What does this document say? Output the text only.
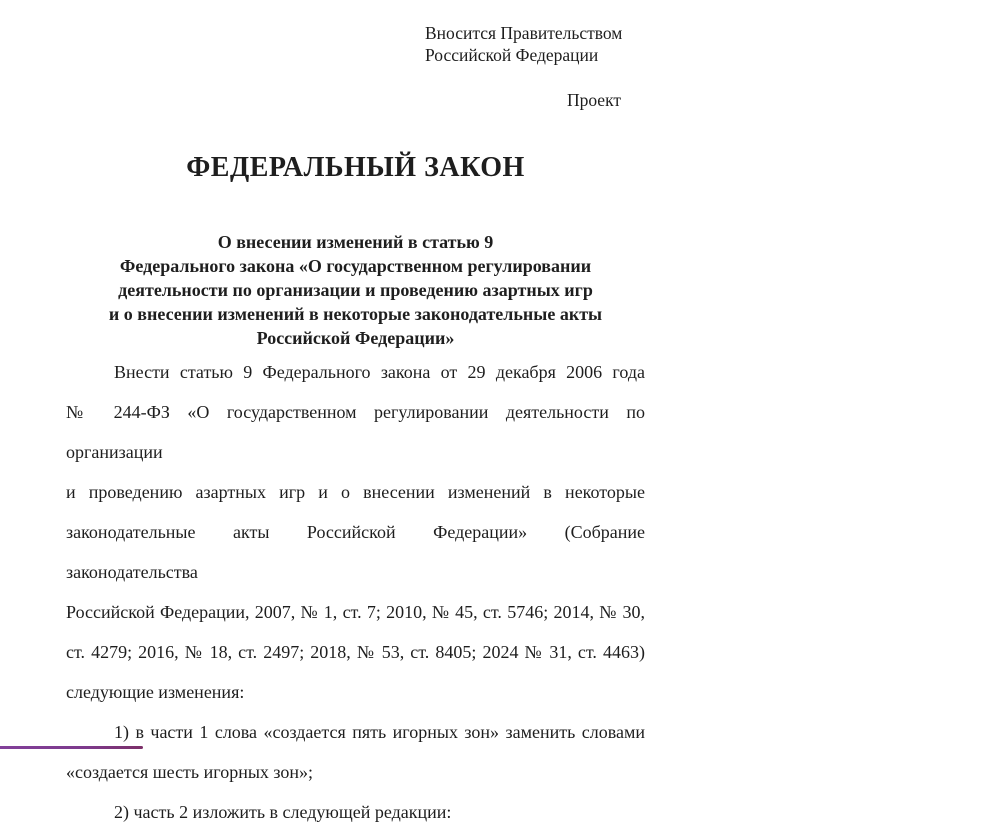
Вносится Правительством
Российской Федерации
Проект
ФЕДЕРАЛЬНЫЙ ЗАКОН
О внесении изменений в статью 9
Федерального закона «О государственном регулировании
деятельности по организации и проведению азартных игр
и о внесении изменений в некоторые законодательные акты
Российской Федерации»
Внести статью 9 Федерального закона от 29 декабря 2006 года
№ 244-ФЗ «О государственном регулировании деятельности по организации
и проведению азартных игр и о внесении изменений в некоторые
законодательные акты Российской Федерации» (Собрание законодательства
Российской Федерации, 2007, № 1, ст. 7; 2010, № 45, ст. 5746; 2014, № 30,
ст. 4279; 2016, № 18, ст. 2497; 2018, № 53, ст. 8405; 2024 № 31, ст. 4463)
следующие изменения:
1) в части 1 слова «создается пять игорных зон» заменить словами
«создается шесть игорных зон»;
2) часть 2 изложить в следующей редакции:
